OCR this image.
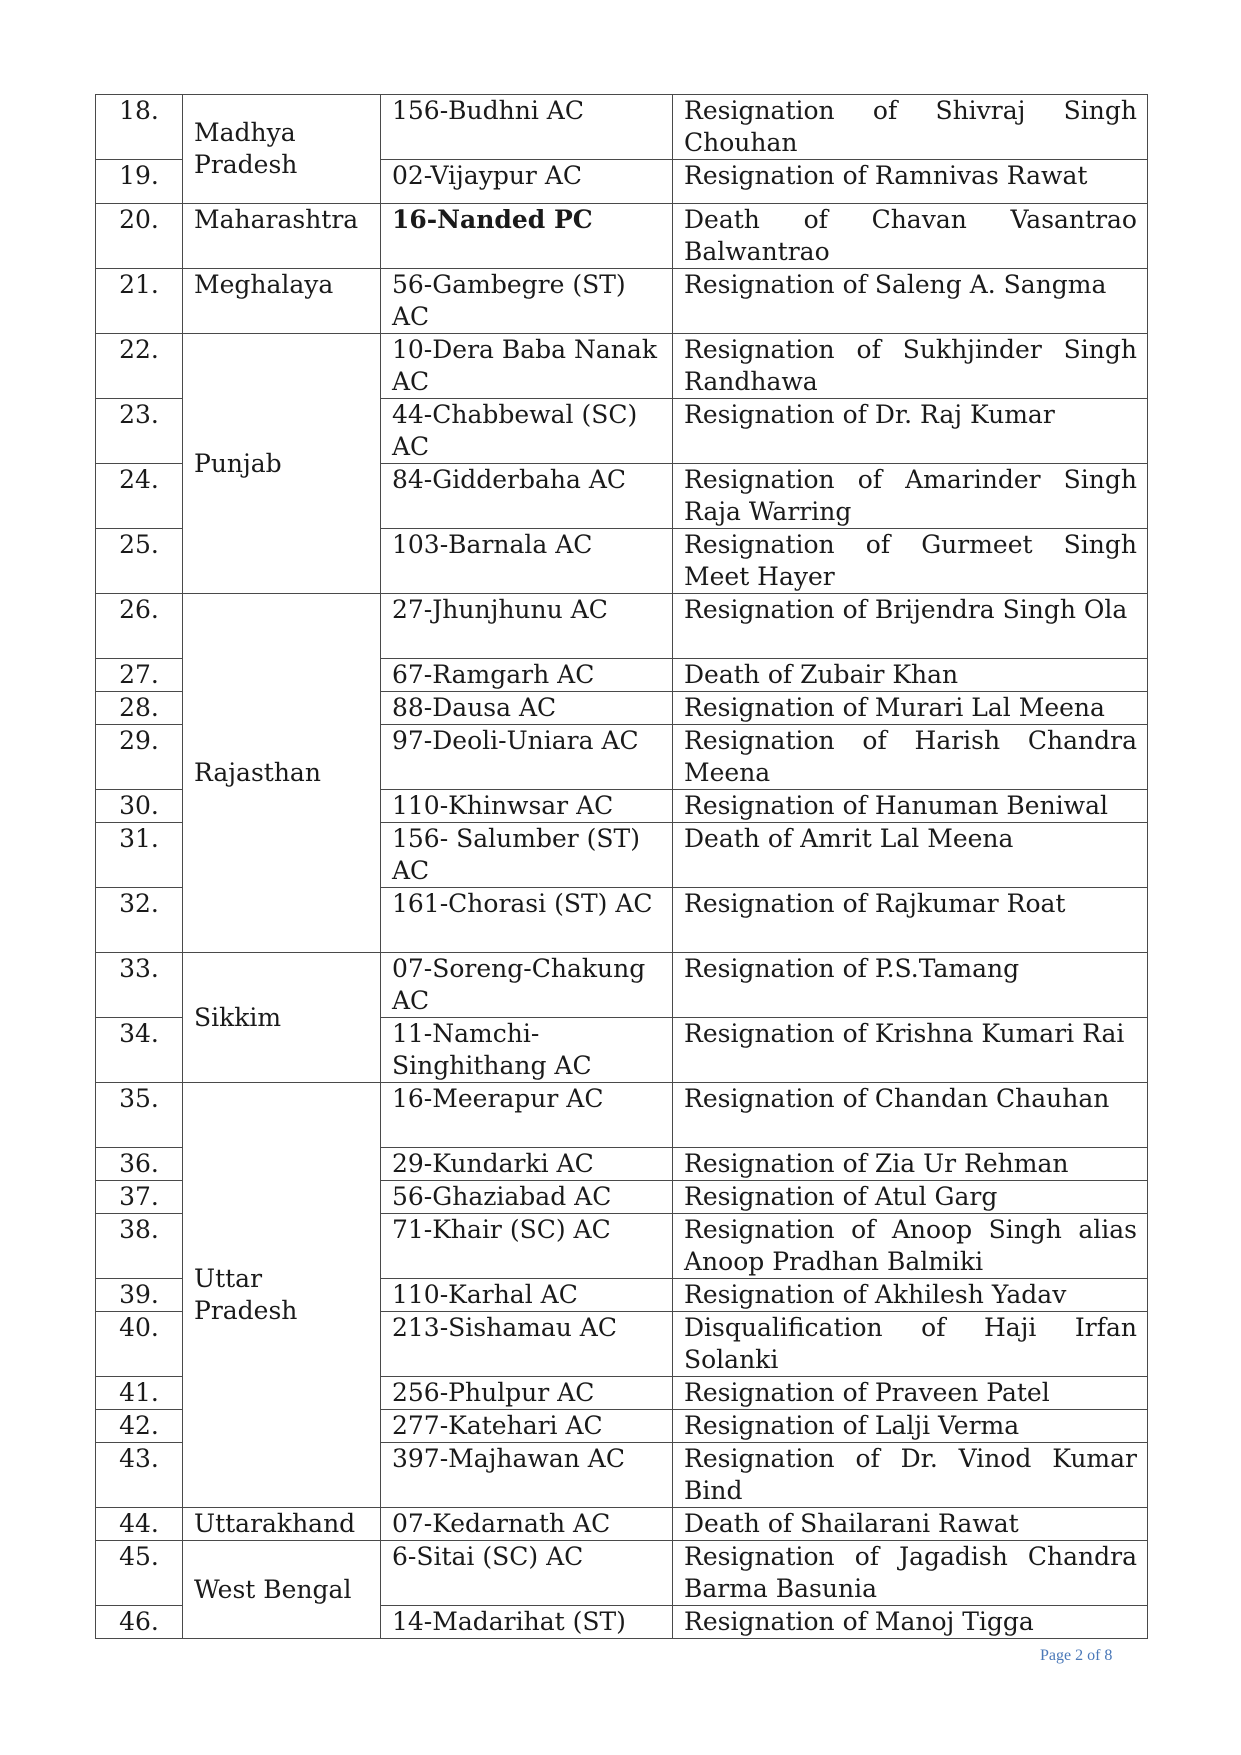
18.	Madhya Pradesh	156-Budhni AC	Resignation of Shivraj Singh Chouhan
19.		02-Vijaypur AC	Resignation of Ramnivas Rawat
20.	Maharashtra	16-Nanded PC	Death of Chavan Vasantrao Balwantrao
21.	Meghalaya	56-Gambegre (ST) AC	Resignation of Saleng A. Sangma
22.	Punjab	10-Dera Baba Nanak AC	Resignation of Sukhjinder Singh Randhawa
23.		44-Chabbewal (SC) AC	Resignation of Dr. Raj Kumar
24.		84-Gidderbaha AC	Resignation of Amarinder Singh Raja Warring
25.		103-Barnala AC	Resignation of Gurmeet Singh Meet Hayer
26.	Rajasthan	27-Jhunjhunu AC	Resignation of Brijendra Singh Ola
27.		67-Ramgarh AC	Death of Zubair Khan
28.		88-Dausa AC	Resignation of Murari Lal Meena
29.		97-Deoli-Uniara AC	Resignation of Harish Chandra Meena
30.		110-Khinwsar AC	Resignation of Hanuman Beniwal
31.		156- Salumber (ST) AC	Death of Amrit Lal Meena
32.		161-Chorasi (ST) AC	Resignation of Rajkumar Roat
33.	Sikkim	07-Soreng-Chakung AC	Resignation of P.S.Tamang
34.		11-Namchi-Singhithang AC	Resignation of Krishna Kumari Rai
35.	Uttar Pradesh	16-Meerapur AC	Resignation of Chandan Chauhan
36.		29-Kundarki AC	Resignation of Zia Ur Rehman
37.		56-Ghaziabad AC	Resignation of Atul Garg
38.		71-Khair (SC) AC	Resignation of Anoop Singh alias Anoop Pradhan Balmiki
39.		110-Karhal AC	Resignation of Akhilesh Yadav
40.		213-Sishamau AC	Disqualification of Haji Irfan Solanki
41.		256-Phulpur AC	Resignation of Praveen Patel
42.		277-Katehari AC	Resignation of Lalji Verma
43.		397-Majhawan AC	Resignation of Dr. Vinod Kumar Bind
44.	Uttarakhand	07-Kedarnath AC	Death of Shailarani Rawat
45.	West Bengal	6-Sitai (SC) AC	Resignation of Jagadish Chandra Barma Basunia
46.		14-Madarihat (ST)	Resignation of Manoj Tigga
Page 2 of 8
